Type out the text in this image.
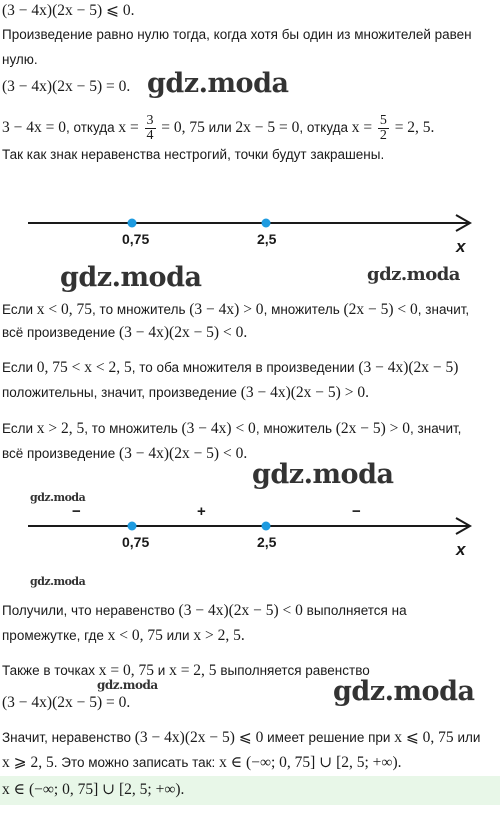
(3 − 4x)(2x − 5) ⩽ 0.
Произведение равно нулю тогда, когда хотя бы один из множителей равен
нулю.
(3 − 4x)(2x − 5) = 0. gdz.moda
3 − 4x = 0, откуда $x = \frac{3}{4} = 0$, 75 или 2x − 5 = 0, откуда $x = \frac{5}{2} = 2$, 5.
Так как знак неравенства нестрогий, точки будут закрашены.
0,75	2,5	x
gdz.moda	gdz.moda
Если x < 0, 75, то множитель (3 − 4x) > 0, множитель (2x − 5) < 0, значит,
всё произведение (3 − 4x)(2x − 5) < 0.
Если 0, 75 < x < 2, 5, то оба множителя в произведении (3 − 4x)(2x − 5)
положительны, значит, произведение (3 − 4x)(2x − 5) > 0.
Если x > 2, 5, то множитель (3 − 4x) < 0, множитель (2x − 5) > 0, значит,
всё произведение (3 − 4x)(2x − 5) < 0.
gdz.moda
gdz.moda
−	+	−
0,75	2,5	x
gdz.moda
Получили, что неравенство (3 − 4x)(2x − 5) < 0 выполняется на
промежутке, где x < 0, 75 или x > 2, 5.
Также в точках x = 0, 75 и x = 2, 5 выполняется равенство
gdz.moda
(3 − 4x)(2x − 5) = 0.	gdz.moda
Значит, неравенство (3 − 4x)(2x − 5) ⩽ 0 имеет решение при x ⩽ 0, 75 или
x ⩾ 2, 5. Это можно записать так: x ∈ (−∞; 0, 75] ∪ [2, 5; +∞).
x ∈ (−∞; 0, 75] ∪ [2, 5; +∞).
